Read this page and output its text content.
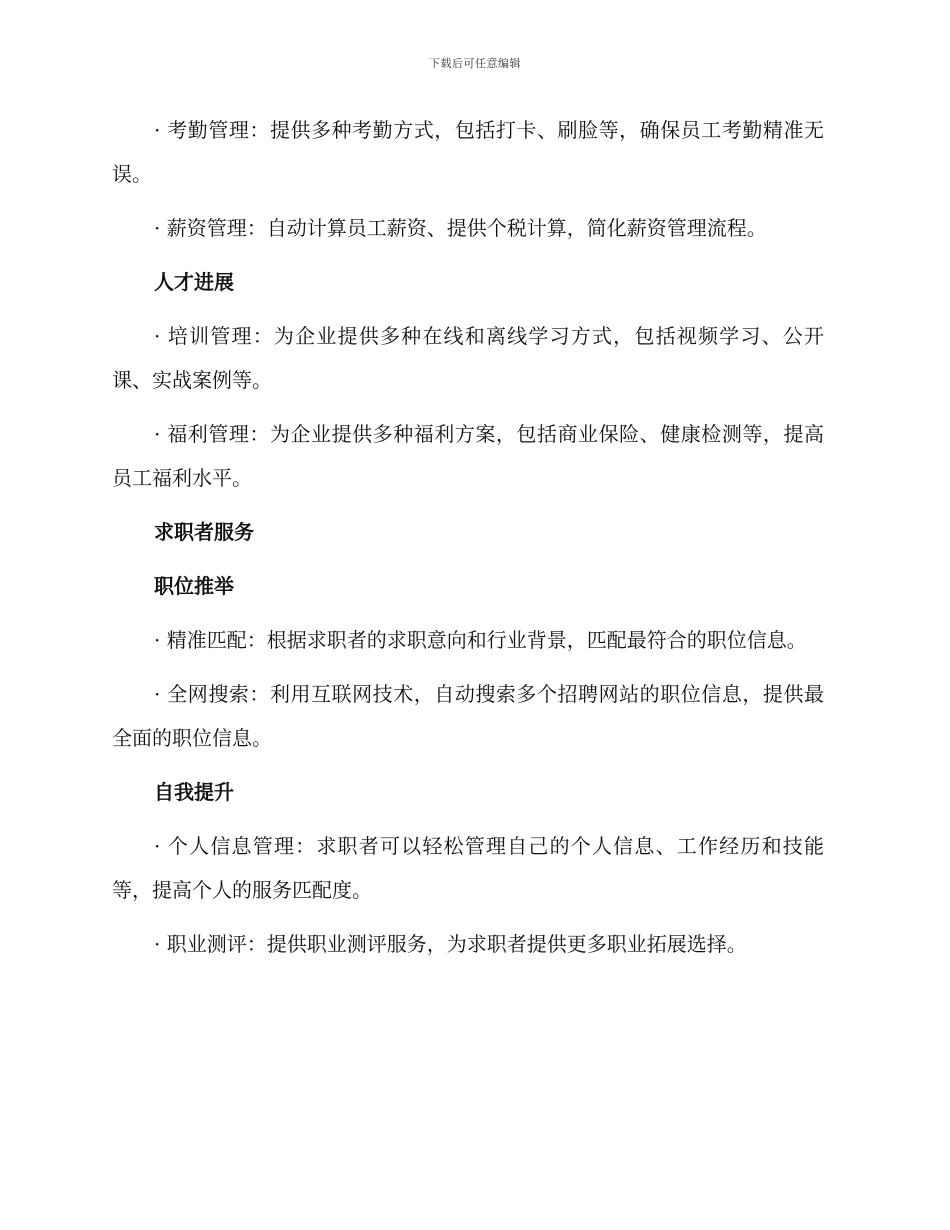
下载后可任意编辑

· 考勤管理：提供多种考勤方式，包括打卡、刷脸等，确保员工考勤精准无误。

· 薪资管理：自动计算员工薪资、提供个税计算，简化薪资管理流程。

人才进展

· 培训管理：为企业提供多种在线和离线学习方式，包括视频学习、公开课、实战案例等。

· 福利管理：为企业提供多种福利方案，包括商业保险、健康检测等，提高员工福利水平。

求职者服务
职位推举

· 精准匹配：根据求职者的求职意向和行业背景，匹配最符合的职位信息。

· 全网搜索：利用互联网技术，自动搜索多个招聘网站的职位信息，提供最全面的职位信息。

自我提升

· 个人信息管理：求职者可以轻松管理自己的个人信息、工作经历和技能等，提高个人的服务匹配度。

· 职业测评：提供职业测评服务，为求职者提供更多职业拓展选择。
